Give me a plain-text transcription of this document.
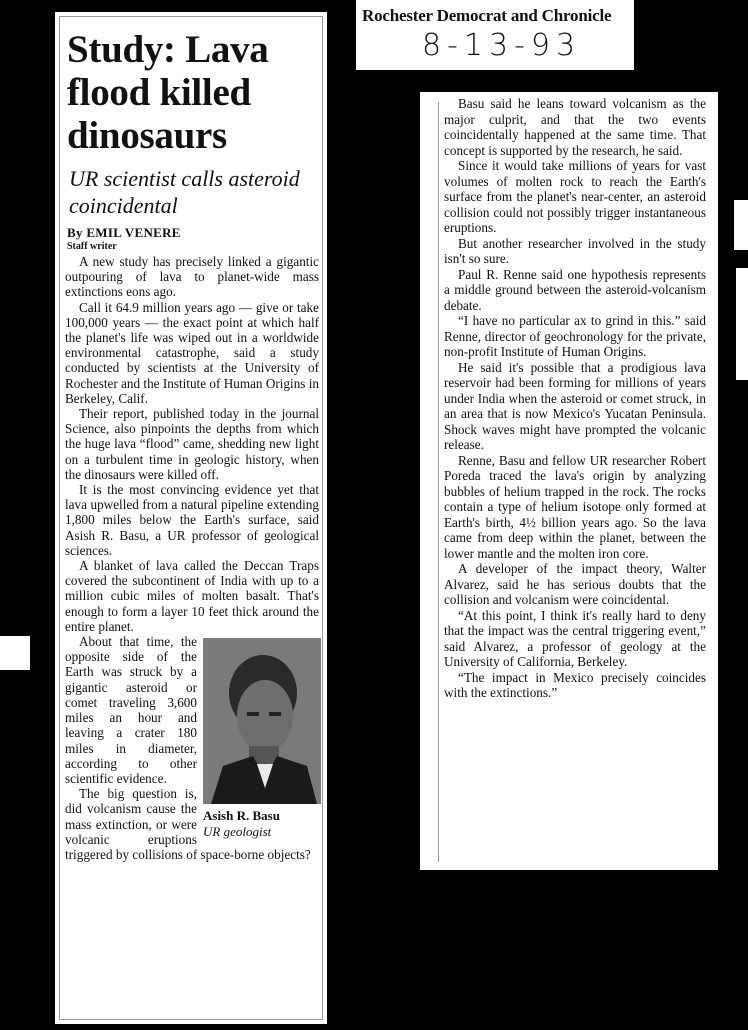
Rochester Democrat and Chronicle
8-13-93
Study: Lava flood killed dinosaurs
UR scientist calls asteroid coincidental
By EMIL VENERE
Staff writer

A new study has precisely linked a gigantic outpouring of lava to planet-wide mass extinctions eons ago.

Call it 64.9 million years ago — give or take 100,000 years — the exact point at which half the planet's life was wiped out in a worldwide environmental catastrophe, said a study conducted by scientists at the University of Rochester and the Institute of Human Origins in Berkeley, Calif.

Their report, published today in the journal Science, also pinpoints the depths from which the huge lava “flood” came, shedding new light on a turbulent time in geologic history, when the dinosaurs were killed off.

It is the most convincing evidence yet that lava upwelled from a natural pipeline extending 1,800 miles below the Earth's surface, said Asish R. Basu, a UR professor of geological sciences.

A blanket of lava called the Deccan Traps covered the subcontinent of India with up to a million cubic miles of molten basalt. That's enough to form a layer 10 feet thick around the entire planet.

About that time, the opposite side of the Earth was struck by a gigantic asteroid or comet traveling 3,600 miles an hour and leaving a crater 180 miles in diameter, according to other scientific evidence.

Asish R. Basu
UR geologist

The big question is, did volcanism cause the mass extinction, or were volcanic eruptions triggered by collisions of space-borne objects?

Basu said he leans toward volcanism as the major culprit, and that the two events coincidentally happened at the same time. That concept is supported by the research, he said.

Since it would take millions of years for vast volumes of molten rock to reach the Earth's surface from the planet's near-center, an asteroid collision could not possibly trigger instantaneous eruptions.

But another researcher involved in the study isn't so sure.

Paul R. Renne said one hypothesis represents a middle ground between the asteroid-volcanism debate.

“I have no particular ax to grind in this.” said Renne, director of geochronology for the private, non-profit Institute of Human Origins.

He said it's possible that a prodigious lava reservoir had been forming for millions of years under India when the asteroid or comet struck, in an area that is now Mexico's Yucatan Peninsula. Shock waves might have prompted the volcanic release.

Renne, Basu and fellow UR researcher Robert Poreda traced the lava's origin by analyzing bubbles of helium trapped in the rock. The rocks contain a type of helium isotope only formed at Earth's birth, 4½ billion years ago. So the lava came from deep within the planet, between the lower mantle and the molten iron core.

A developer of the impact theory, Walter Alvarez, said he has serious doubts that the collision and volcanism were coincidental.

“At this point, I think it's really hard to deny that the impact was the central triggering event,” said Alvarez, a professor of geology at the University of California, Berkeley.

“The impact in Mexico precisely coincides with the extinctions.”
